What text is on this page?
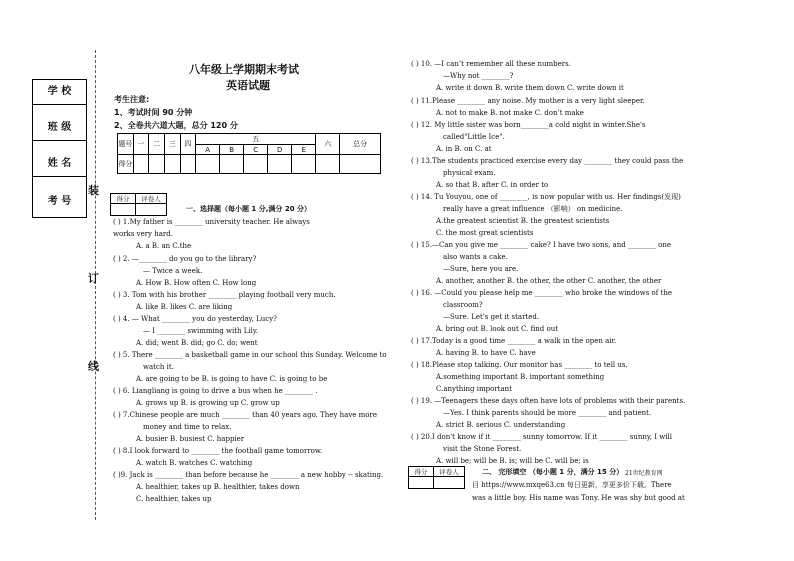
学 校
班 级
姓 名
考 号
装
订
线
八年级上学期期末考试
英语试题
考生注意:
1、考试时间 90 分钟
2、全卷共六道大题，总分 120 分
题号	一	二	三	四	五					六	总分
					A	B	C	D	E		
得分											
得分	评卷人

一、选择题（每小题 1 分,满分 20 分）
( ) 1.My father is ________ university teacher. He always
works very hard.
A. a B. an C.the
( ) 2. —________ do you go to the library?
— Twice a week.
A. How B. How often C. How long
( ) 3. Tom with his brother ________ playing football very much.
A. like B. likes C. are liking
( ) 4. — What ________ you do yesterday, Lucy?
— I ________ swimming with Lily.
A. did; went B. did; go C. do; went
( ) 5. There ________ a basketball game in our school this Sunday. Welcome to
watch it.
A. are going to be B. is going to have C. is going to be
( ) 6. Liangliang is going to drive a bus when he ________ .
A. grows up B. is growing up C. grow up
( ) 7.Chinese people are much ________ than 40 years ago. They have more
money and time to relax.
A. busier B. busiest C. happier
( ) 8.I look forward to ________ the football game tomorrow.
A. watch B. watches C. watching
( )9. Jack is ________ than before because he ________ a new hobby -- skating.
A. healthier, takes up B. healthier, takes down
C. healthier, takes up
( ) 10. —I can’t remember all these numbers.
—Why not ________?
A. write it down B. write them down C. write down it
( ) 11.Please ________ any noise. My mother is a very light sleeper.
A. not to make B. not make C. don’t make
( ) 12. My little sister was born________a cold night in winter.She's
called"Little Ice".
A. in B. on C. at
( ) 13.The students practiced exercise every day ________ they could pass the
physical exam.
A. so that B. after C. in order to
( ) 14. Tu Youyou, one of ________, is now popular with us. Her findings(发现)
really have a great influence （影响） on medicine.
A.the greatest scientist B. the greatest scientists
C. the most great scientists
( ) 15.—Can you give me ________ cake? I have two sons, and ________ one
also wants a cake.
—Sure, here you are.
A. another, another B. the other, the other C. another, the other
( ) 16. —Could you please help me ________ who broke the windows of the
classroom?
—Sure. Let's get it started.
A. bring out B. look out C. find out
( ) 17.Today is a good time ________ a walk in the open air.
A. having B. to have C. have
( ) 18.Please stop talking. Our monitor has ________ to tell us.
A.something important B. important something
C.anything important
( ) 19. —Teenagers these days often have lots of problems with their parents.
—Yes. I think parents should be more ________ and patient.
A. strict B. serious C. understanding
( ) 20.I don't know if it ________ sunny tomorrow. If it ________ sunny, I will
visit the Stone Forest.
A. will be; will be B. is; will be C. will be; is
得分	评卷人
		二、 完形填空 （每小题 1 分，满分 15 分） 21世纪教育网
目 https://www.mxqe63.cn 每日更新，享更多价下载。There
was a little boy. His name was Tony. He was shy but good at
